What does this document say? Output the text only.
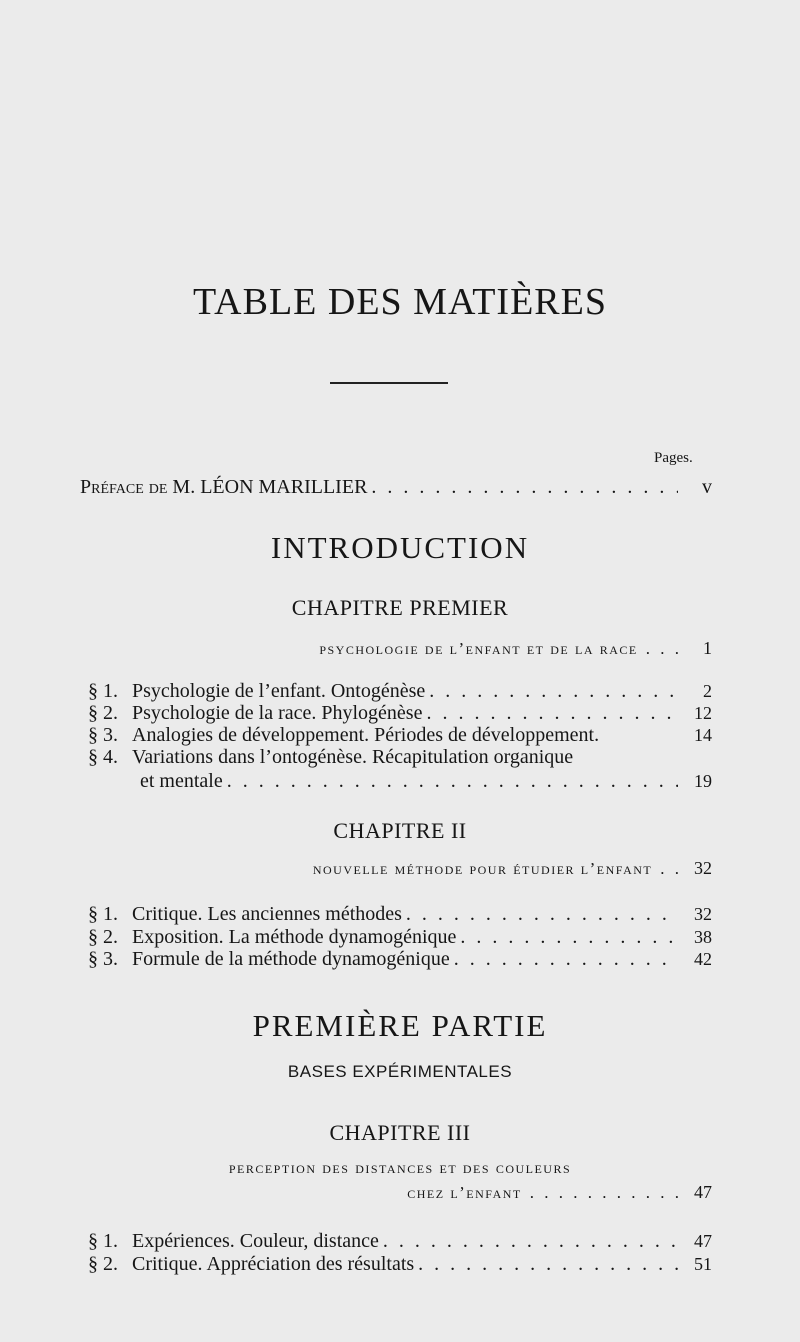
TABLE DES MATIÈRES
Pages.
Préface de M. LÉON MARILLIER . . .	v
INTRODUCTION
CHAPITRE PREMIER
psychologie de l’enfant et de la race . . .	1
§ 1. Psychologie de l’enfant. Ontogénèse . . .	2
§ 2. Psychologie de la race. Phylogénèse . . .	12
§ 3. Analogies de développement. Périodes de développement.	14
§ 4. Variations dans l’ontogénèse. Récapitulation organique
et mentale . . .	19
CHAPITRE II
nouvelle méthode pour étudier l’enfant . . 32
§ 1. Critique. Les anciennes méthodes . . .	32
§ 2. Exposition. La méthode dynamogénique . . .	38
§ 3. Formule de la méthode dynamogénique . . .	42
PREMIÈRE PARTIE
BASES EXPÉRIMENTALES
CHAPITRE III
perception des distances et des couleurs
chez l’enfant . . . . . . . . . . . 47
§ 1. Expériences. Couleur, distance . . .	47
§ 2. Critique. Appréciation des résultats . . .	51
